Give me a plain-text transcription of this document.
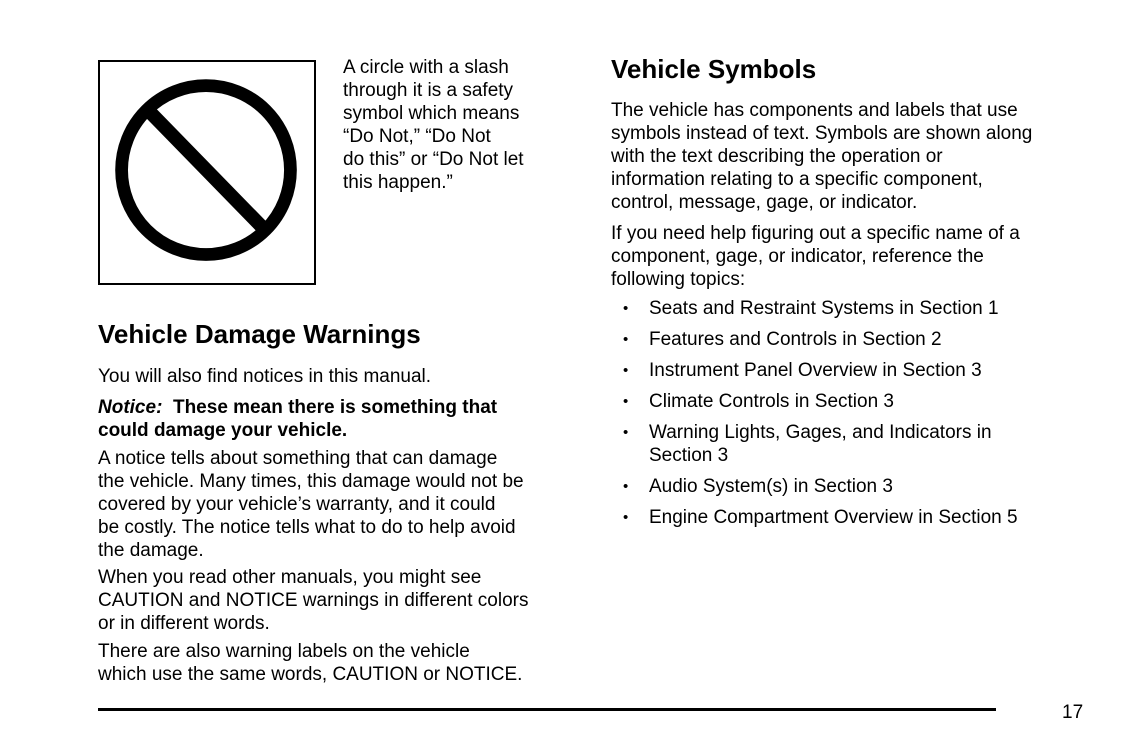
A circle with a slash
through it is a safety
symbol which means
“Do Not,” “Do Not
do this” or “Do Not let
this happen.”

Vehicle Damage Warnings

You will also find notices in this manual.

Notice: These mean there is something that
could damage your vehicle.

A notice tells about something that can damage
the vehicle. Many times, this damage would not be
covered by your vehicle’s warranty, and it could
be costly. The notice tells what to do to help avoid
the damage.

When you read other manuals, you might see
CAUTION and NOTICE warnings in different colors
or in different words.

There are also warning labels on the vehicle
which use the same words, CAUTION or NOTICE.

Vehicle Symbols

The vehicle has components and labels that use
symbols instead of text. Symbols are shown along
with the text describing the operation or
information relating to a specific component,
control, message, gage, or indicator.

If you need help figuring out a specific name of a
component, gage, or indicator, reference the
following topics:

• Seats and Restraint Systems in Section 1
• Features and Controls in Section 2
• Instrument Panel Overview in Section 3
• Climate Controls in Section 3
• Warning Lights, Gages, and Indicators in
Section 3
• Audio System(s) in Section 3
• Engine Compartment Overview in Section 5
17
